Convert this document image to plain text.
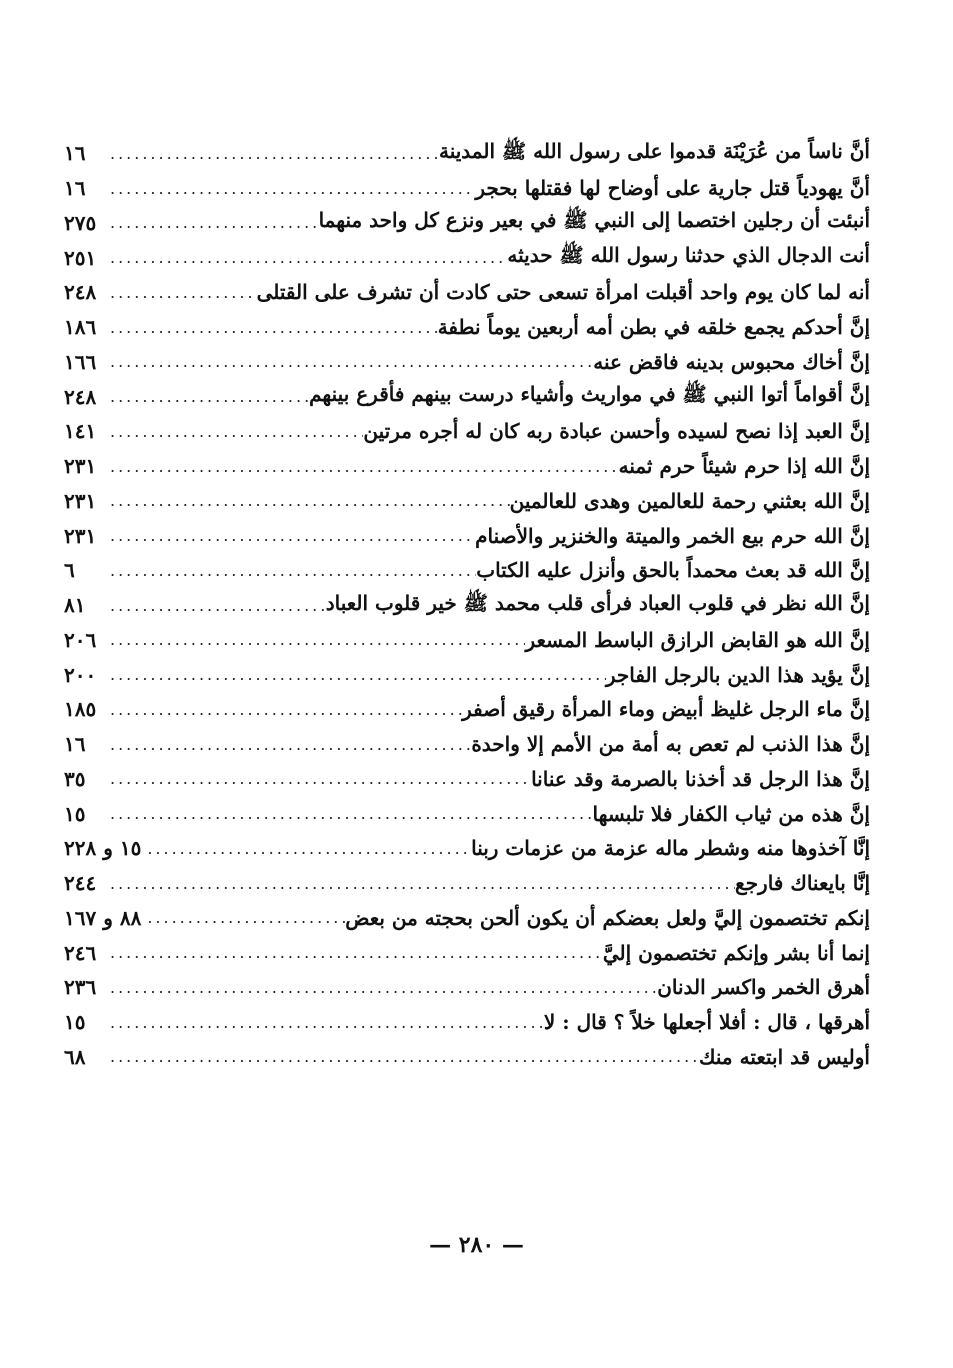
أنَّ ناساً من عُرَيْنَة قدموا على رسول الله ﷺ المدينة
.....
١٦
أنَّ يهودياً قتل جارية على أوضاح لها فقتلها بحجر
.....
١٦
أنبئت أن رجلين اختصما إلى النبي ﷺ في بعير ونزع كل واحد منهما
.....
٢٧٥
أنت الدجال الذي حدثنا رسول الله ﷺ حديثه
.....
٢٥١
أنه لما كان يوم واحد أقبلت امرأة تسعى حتى كادت أن تشرف على القتلى
.....
٢٤٨
إنَّ أحدكم يجمع خلقه في بطن أمه أربعين يوماً نطفة
.....
١٨٦
إنَّ أخاك محبوس بدينه فاقض عنه
.....
١٦٦
إنَّ أقواماً أتوا النبي ﷺ في مواريث وأشياء درست بينهم فأقرع بينهم
.....
٢٤٨
إنَّ العبد إذا نصح لسيده وأحسن عبادة ربه كان له أجره مرتين
.....
١٤١
إنَّ الله إذا حرم شيئاً حرم ثمنه
.....
٢٣١
إنَّ الله بعثني رحمة للعالمين وهدى للعالمين
.....
٢٣١
إنَّ الله حرم بيع الخمر والميتة والخنزير والأصنام
.....
٢٣١
إنَّ الله قد بعث محمداً بالحق وأنزل عليه الكتاب
.....
٦
إنَّ الله نظر في قلوب العباد فرأى قلب محمد ﷺ خير قلوب العباد
.....
٨١
إنَّ الله هو القابض الرازق الباسط المسعر
.....
٢٠٦
إنَّ يؤيد هذا الدين بالرجل الفاجر
.....
٢٠٠
إنَّ ماء الرجل غليظ أبيض وماء المرأة رقيق أصفر
.....
١٨٥
إنَّ هذا الذنب لم تعص به أمة من الأمم إلا واحدة
.....
١٦
إنَّ هذا الرجل قد أخذنا بالصرمة وقد عنانا
.....
٣٥
إنَّ هذه من ثياب الكفار فلا تلبسها
.....
١٥
إنَّا آخذوها منه وشطر ماله عزمة من عزمات ربنا
.....
١٥ و ٢٢٨
إنَّا بايعناك فارجع
.....
٢٤٤
إنكم تختصمون إليَّ ولعل بعضكم أن يكون ألحن بحجته من بعض
.....
٨٨ و ١٦٧
إنما أنا بشر وإنكم تختصمون إليَّ
.....
٢٤٦
أهرق الخمر واكسر الدنان
.....
٢٣٦
أهرقها ، قال : أفلا أجعلها خلاً ؟ قال : لا
.....
١٥
أوليس قد ابتعته منك
.....
٦٨
— ٢٨٠ —
